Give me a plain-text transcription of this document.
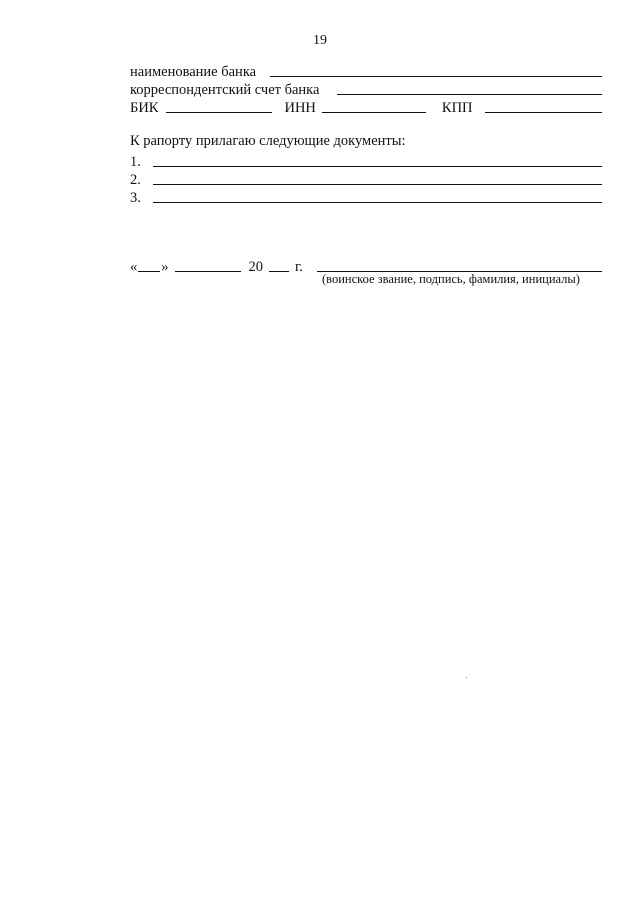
19
наименование банка
корреспондентский счет банка
БИК	ИНН	КПП
К рапорту прилагаю следующие документы:
1.
2.
3.
« »	20 г.
(воинское звание, подпись, фамилия, инициалы)
